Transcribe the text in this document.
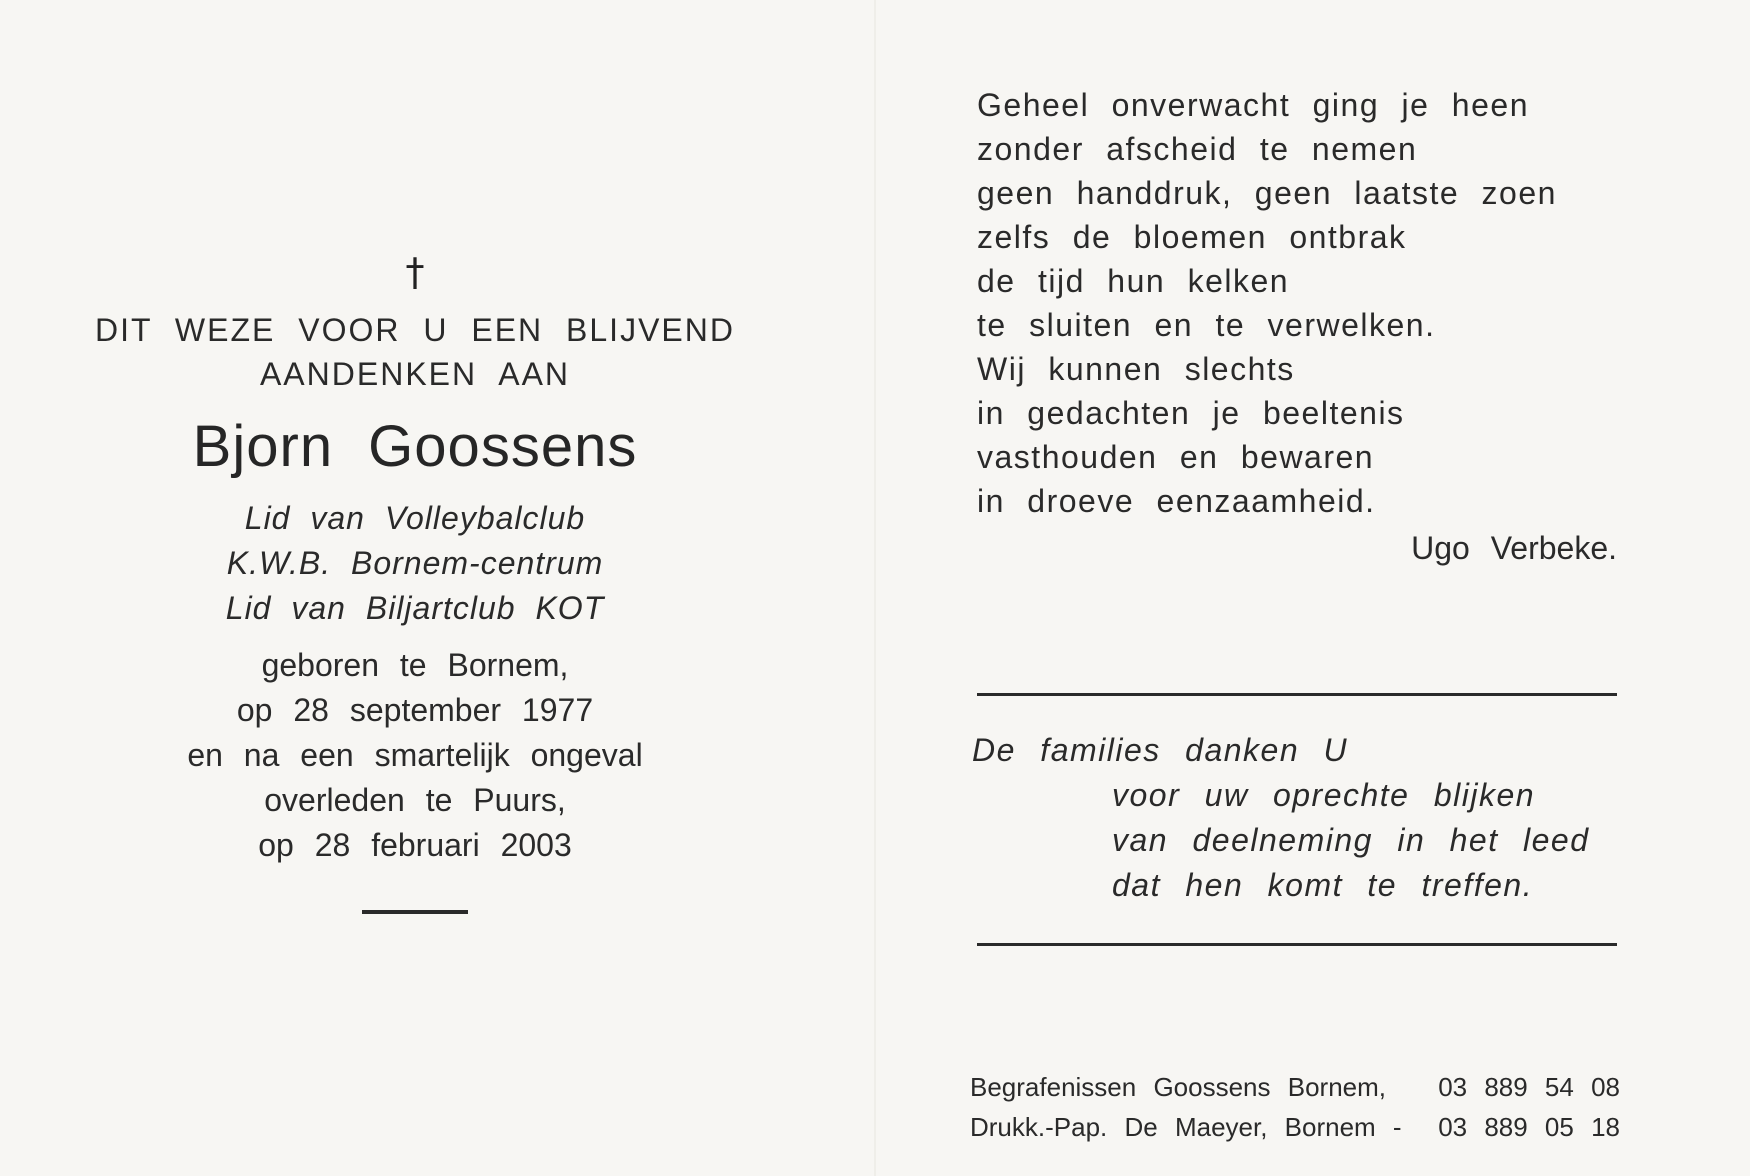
†
DIT WEZE VOOR U EEN BLIJVEND
AANDENKEN AAN
Bjorn Goossens
Lid van Volleybalclub
K.W.B. Bornem-centrum
Lid van Biljartclub KOT
geboren te Bornem,
op 28 september 1977
en na een smartelijk ongeval
overleden te Puurs,
op 28 februari 2003
Geheel onverwacht ging je heen
zonder afscheid te nemen
geen handdruk, geen laatste zoen
zelfs de bloemen ontbrak
de tijd hun kelken
te sluiten en te verwelken.
Wij kunnen slechts
in gedachten je beeltenis
vasthouden en bewaren
in droeve eenzaamheid.
Ugo Verbeke.
De families danken U
voor uw oprechte blijken
van deelneming in het leed
dat hen komt te treffen.
Begrafenissen Goossens Bornem, 03 889 54 08
Drukk.-Pap. De Maeyer, Bornem - 03 889 05 18
